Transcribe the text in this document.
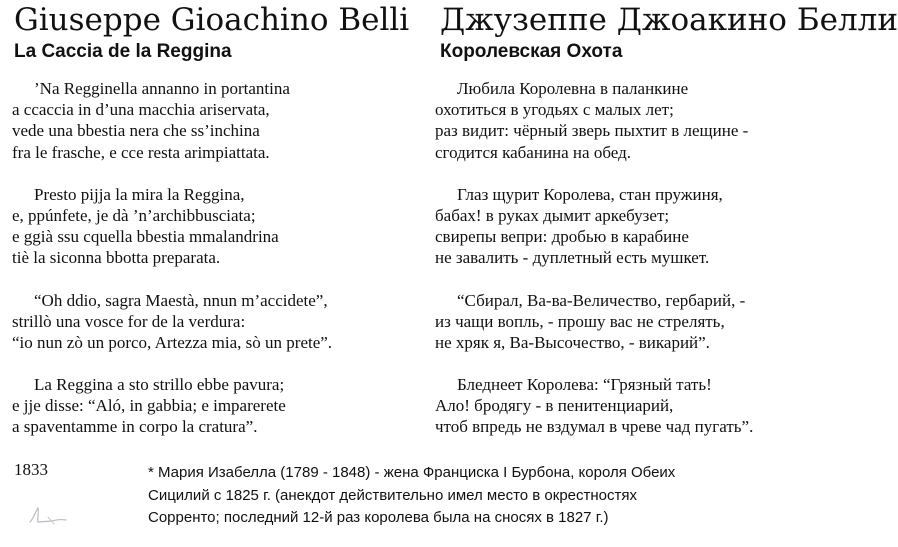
Giuseppe Gioachino Belli Джузеппе Джоакино Белли
La Caccia de la Reggina	Королевская Охота
’Na Regginella annanno in portantina
a ccaccia in d’una macchia ariservata,
vede una bbestia nera che ss’inchina
fra le frasche, e cce resta arimpiattata.
Presto pijja la mira la Reggina,
e, ppúnfete, je dà ’n’archibbusciata;
e ggià ssu cquella bbestia mmalandrina
tiè la siconna bbotta preparata.
“Oh ddio, sagra Maestà, nnun m’accidete”,
strillò una vosce for de la verdura:
“io nun zò un porco, Artezza mia, sò un prete”.
La Reggina a sto strillo ebbe pavura;
e jje disse: “Aló, in gabbia; e imparerete
a spaventamme in corpo la cratura”.
Любила Королевна в паланкине
охотиться в угодьях с малых лет;
раз видит: чёрный зверь пыхтит в лещине -
сгодится кабанина на обед.
Глаз щурит Королева, стан пружиня,
бабах! в руках дымит аркебузет;
свирепы вепри: дробью в карабине
не завалить - дуплетный есть мушкет.
“Сбирал, Ва-ва-Величество, гербарий, -
из чащи вопль, - прошу вас не стрелять,
не хряк я, Ва-Высочество, - викарий”.
Бледнеет Королева: “Грязный тать!
Ало! бродягу - в пенитенциарий,
чтоб впредь не вздумал в чреве чад пугать”.
1833	* Мария Изабелла (1789 - 1848) - жена Франциска I Бурбона, короля Обеих
Сицилий с 1825 г. (анекдот действительно имел место в окрестностях
Сорренто; последний 12-й раз королева была на сносях в 1827 г.)
